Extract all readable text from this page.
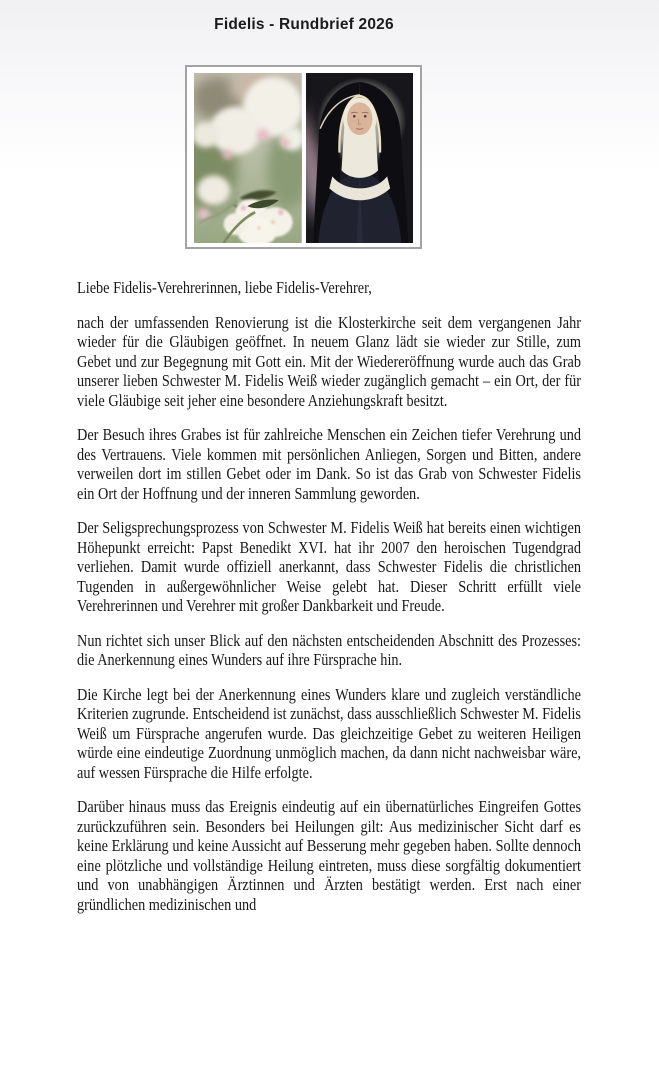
Fidelis - Rundbrief 2026

Liebe Fidelis-Verehrerinnen, liebe Fidelis-Verehrer,

nach der umfassenden Renovierung ist die Klosterkirche seit dem vergangenen Jahr wieder für die Gläubigen geöffnet. In neuem Glanz lädt sie wieder zur Stille, zum Gebet und zur Begegnung mit Gott ein. Mit der Wiedereröffnung wurde auch das Grab unserer lieben Schwester M. Fidelis Weiß wieder zugänglich gemacht – ein Ort, der für viele Gläubige seit jeher eine besondere Anziehungskraft besitzt.

Der Besuch ihres Grabes ist für zahlreiche Menschen ein Zeichen tiefer Verehrung und des Vertrauens. Viele kommen mit persönlichen Anliegen, Sorgen und Bitten, andere verweilen dort im stillen Gebet oder im Dank. So ist das Grab von Schwester Fidelis ein Ort der Hoffnung und der inneren Sammlung geworden.

Der Seligsprechungsprozess von Schwester M. Fidelis Weiß hat bereits einen wichtigen Höhepunkt erreicht: Papst Benedikt XVI. hat ihr 2007 den heroischen Tugendgrad verliehen. Damit wurde offiziell anerkannt, dass Schwester Fidelis die christlichen Tugenden in außergewöhnlicher Weise gelebt hat. Dieser Schritt erfüllt viele Verehrerinnen und Verehrer mit großer Dankbarkeit und Freude.

Nun richtet sich unser Blick auf den nächsten entscheidenden Abschnitt des Prozesses: die Anerkennung eines Wunders auf ihre Fürsprache hin.

Die Kirche legt bei der Anerkennung eines Wunders klare und zugleich verständliche Kriterien zugrunde. Entscheidend ist zunächst, dass ausschließlich Schwester M. Fidelis Weiß um Fürsprache angerufen wurde. Das gleichzeitige Gebet zu weiteren Heiligen würde eine eindeutige Zuordnung unmöglich machen, da dann nicht nachweisbar wäre, auf wessen Fürsprache die Hilfe erfolgte.

Darüber hinaus muss das Ereignis eindeutig auf ein übernatürliches Eingreifen Gottes zurückzuführen sein. Besonders bei Heilungen gilt: Aus medizinischer Sicht darf es keine Erklärung und keine Aussicht auf Besserung mehr gegeben haben. Sollte dennoch eine plötzliche und vollständige Heilung eintreten, muss diese sorgfältig dokumentiert und von unabhängigen Ärztinnen und Ärzten bestätigt werden. Erst nach einer gründlichen medizinischen und
